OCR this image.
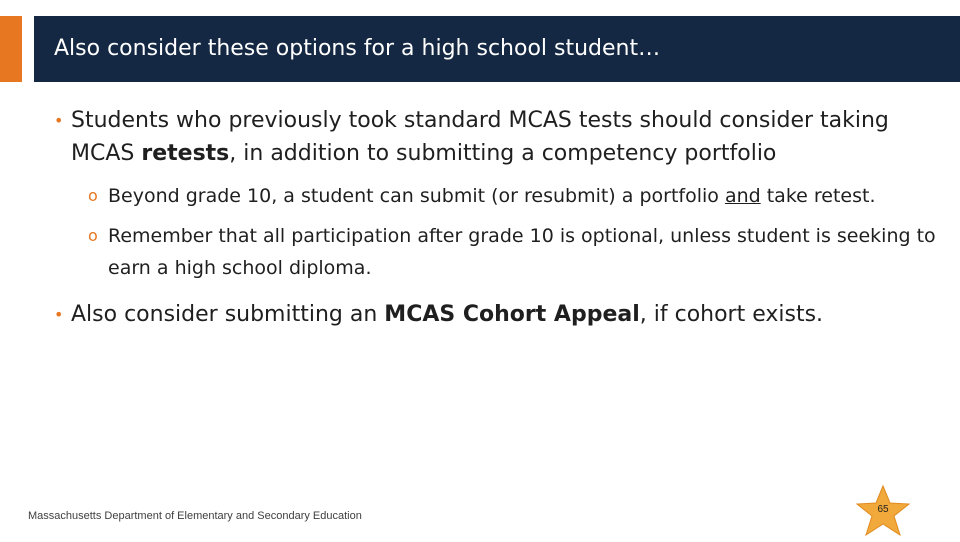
Also consider these options for a high school student…
• Students who previously took standard MCAS tests should consider taking MCAS retests, in addition to submitting a competency portfolio
o Beyond grade 10, a student can submit (or resubmit) a portfolio and take retest.
o Remember that all participation after grade 10 is optional, unless student is seeking to earn a high school diploma.
• Also consider submitting an MCAS Cohort Appeal, if cohort exists.
Massachusetts Department of Elementary and Secondary Education
65
